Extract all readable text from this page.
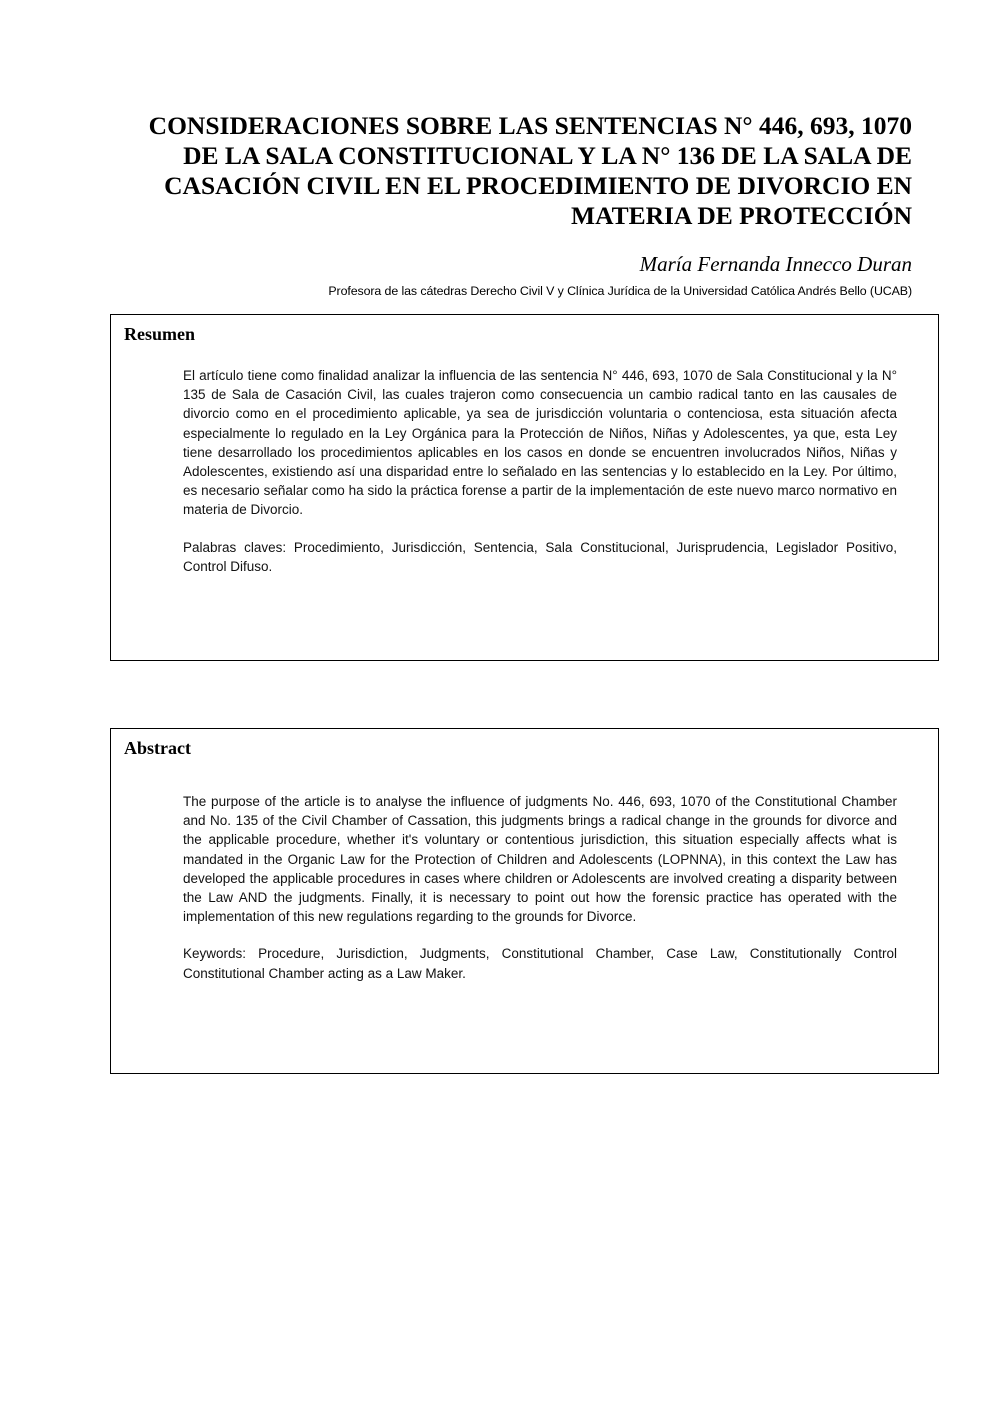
CONSIDERACIONES SOBRE LAS SENTENCIAS N° 446, 693, 1070
DE LA SALA CONSTITUCIONAL Y LA N° 136 DE LA SALA DE
CASACIÓN CIVIL EN EL PROCEDIMIENTO DE DIVORCIO EN
MATERIA DE PROTECCIÓN
María Fernanda Innecco Duran
Profesora de las cátedras Derecho Civil V y Clínica Jurídica de la Universidad Católica Andrés Bello (UCAB)
Resumen

El artículo tiene como finalidad analizar la influencia de las sentencia N° 446, 693, 1070 de Sala Constitucional y la N° 135 de Sala de Casación Civil, las cuales trajeron como consecuencia un cambio radical tanto en las causales de divorcio como en el procedimiento aplicable, ya sea de jurisdicción voluntaria o contenciosa, esta situación afecta especialmente lo regulado en la Ley Orgánica para la Protección de Niños, Niñas y Adolescentes, ya que, esta Ley tiene desarrollado los procedimientos aplicables en los casos en donde se encuentren involucrados Niños, Niñas y Adolescentes, existiendo así una disparidad entre lo señalado en las sentencias y lo establecido en la Ley. Por último, es necesario señalar como ha sido la práctica forense a partir de la implementación de este nuevo marco normativo en materia de Divorcio.

Palabras claves: Procedimiento, Jurisdicción, Sentencia, Sala Constitucional, Jurisprudencia, Legislador Positivo, Control Difuso.

Abstract

The purpose of the article is to analyse the influence of judgments No. 446, 693, 1070 of the Constitutional Chamber and No. 135 of the Civil Chamber of Cassation, this judgments brings a radical change in the grounds for divorce and the applicable procedure, whether it's voluntary or contentious jurisdiction, this situation especially affects what is mandated in the Organic Law for the Protection of Children and Adolescents (LOPNNA), in this context the Law has developed the applicable procedures in cases where children or Adolescents are involved creating a disparity between the Law AND the judgments. Finally, it is necessary to point out how the forensic practice has operated with the implementation of this new regulations regarding to the grounds for Divorce.

Keywords: Procedure, Jurisdiction, Judgments, Constitutional Chamber, Case Law, Constitutionally Control Constitutional Chamber acting as a Law Maker.
